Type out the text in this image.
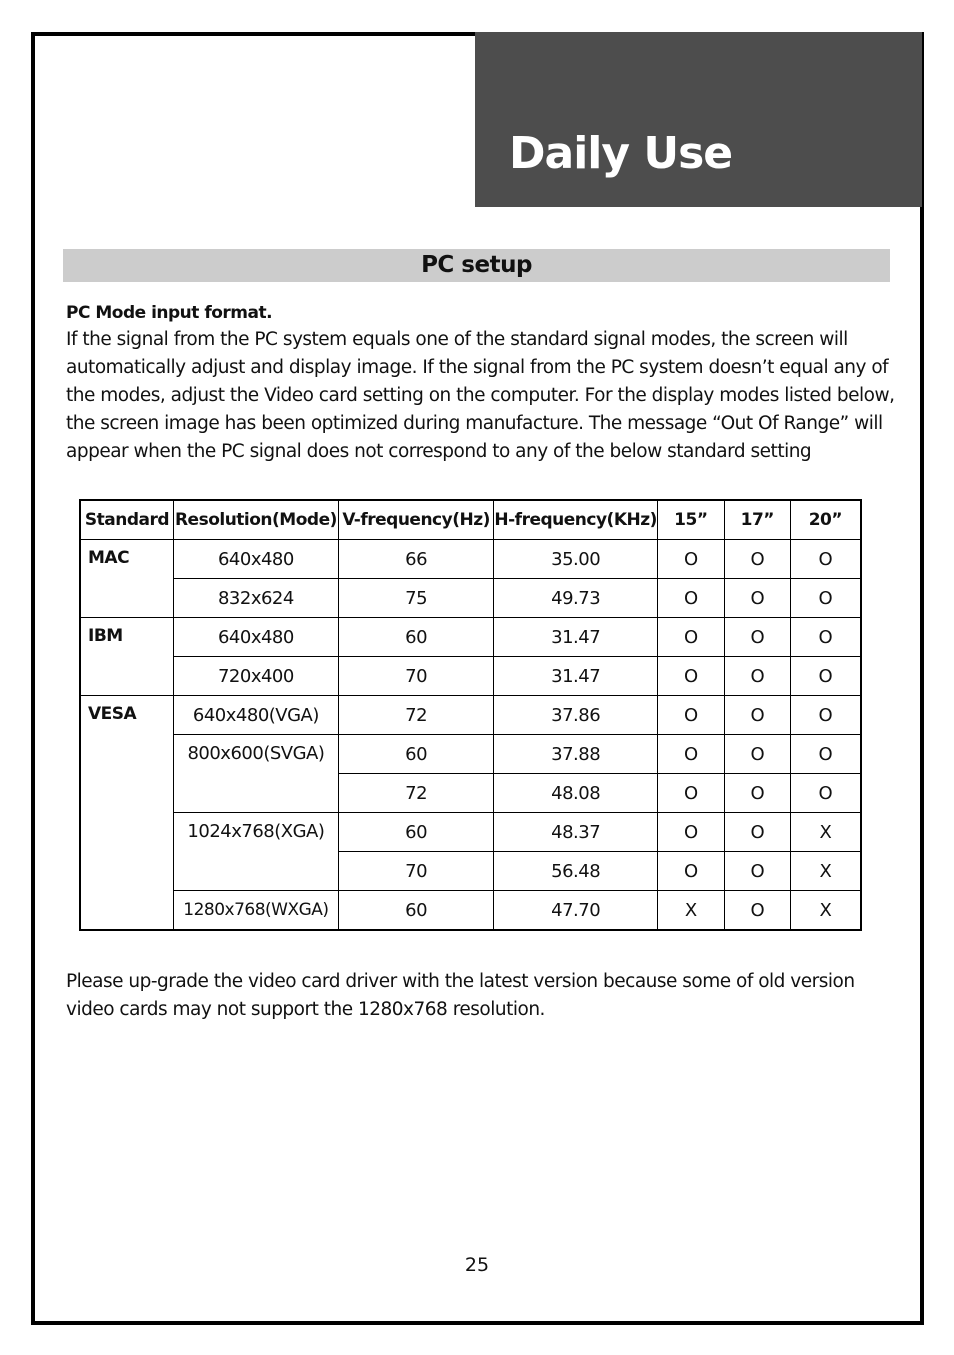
Daily Use
PC setup
PC Mode input format.
If the signal from the PC system equals one of the standard signal modes, the screen will automatically adjust and display image. If the signal from the PC system doesn’t equal any of the modes, adjust the Video card setting on the computer. For the display modes listed below, the screen image has been optimized during manufacture. The message “Out Of Range” will appear when the PC signal does not correspond to any of the below standard setting
Standard	Resolution(Mode)	V-frequency(Hz)	H-frequency(KHz)	15”	17”	20”
MAC	640x480	66	35.00	O	O	O
	832x624	75	49.73	O	O	O
IBM	640x480	60	31.47	O	O	O
	720x400	70	31.47	O	O	O
VESA	640x480(VGA)	72	37.86	O	O	O
	800x600(SVGA)	60	37.88	O	O	O
		72	48.08	O	O	O
	1024x768(XGA)	60	48.37	O	O	X
		70	56.48	O	O	X
	1280x768(WXGA)	60	47.70	X	O	X
Please up-grade the video card driver with the latest version because some of old version video cards may not support the 1280x768 resolution.
25
